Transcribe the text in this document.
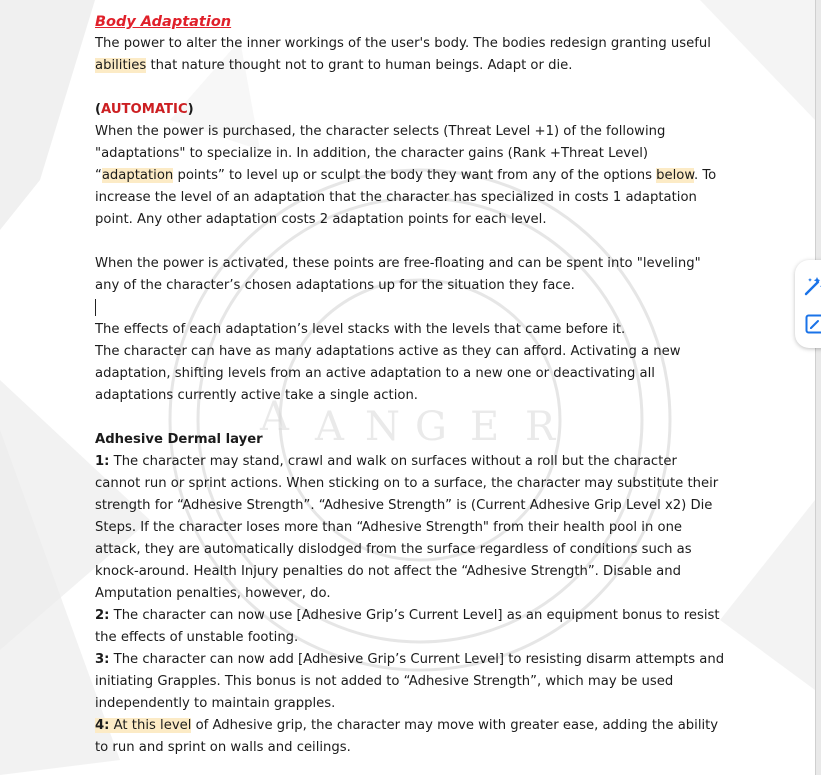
A A N G E R

Body Adaptation

The power to alter the inner workings of the user's body. The bodies redesign granting useful abilities that nature thought not to grant to human beings. Adapt or die.

(AUTOMATIC)

When the power is purchased, the character selects (Threat Level +1) of the following "adaptations" to specialize in. In addition, the character gains (Rank +Threat Level) “adaptation points” to level up or sculpt the body they want from any of the options below. To increase the level of an adaptation that the character has specialized in costs 1 adaptation point. Any other adaptation costs 2 adaptation points for each level.

When the power is activated, these points are free-floating and can be spent into "leveling" any of the character’s chosen adaptations up for the situation they face.

The effects of each adaptation’s level stacks with the levels that came before it.

The character can have as many adaptations active as they can afford. Activating a new adaptation, shifting levels from an active adaptation to a new one or deactivating all adaptations currently active take a single action.

Adhesive Dermal layer

1: The character may stand, crawl and walk on surfaces without a roll but the character cannot run or sprint actions. When sticking on to a surface, the character may substitute their strength for “Adhesive Strength”. “Adhesive Strength” is (Current Adhesive Grip Level x2) Die Steps. If the character loses more than “Adhesive Strength" from their health pool in one attack, they are automatically dislodged from the surface regardless of conditions such as knock-around. Health Injury penalties do not affect the “Adhesive Strength”. Disable and Amputation penalties, however, do.

2: The character can now use [Adhesive Grip’s Current Level] as an equipment bonus to resist the effects of unstable footing.

3: The character can now add [Adhesive Grip’s Current Level] to resisting disarm attempts and initiating Grapples. This bonus is not added to “Adhesive Strength”, which may be used independently to maintain grapples.

4: At this level of Adhesive grip, the character may move with greater ease, adding the ability to run and sprint on walls and ceilings.
